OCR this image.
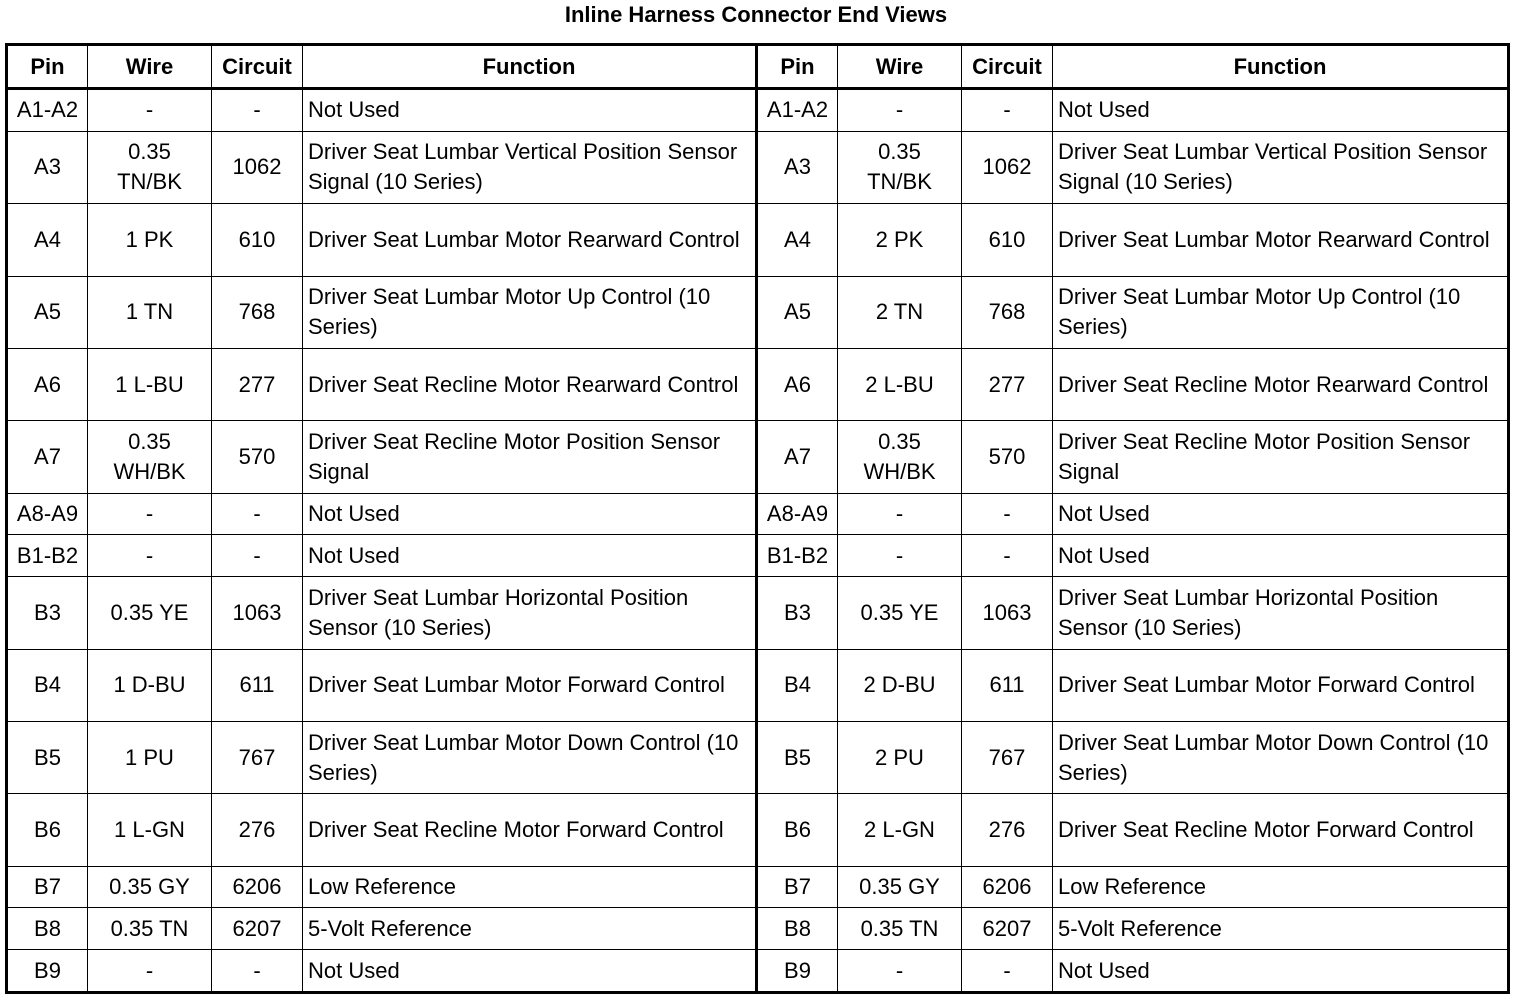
Inline Harness Connector End Views
Pin	Wire	Circuit	Function	Pin	Wire	Circuit	Function
A1-A2	-	-	Not Used	A1-A2	-	-	Not Used
A3	0.35 TN/BK	1062	Driver Seat Lumbar Vertical Position Sensor Signal (10 Series)	A3	0.35 TN/BK	1062	Driver Seat Lumbar Vertical Position Sensor Signal (10 Series)
A4	1 PK	610	Driver Seat Lumbar Motor Rearward Control	A4	2 PK	610	Driver Seat Lumbar Motor Rearward Control
A5	1 TN	768	Driver Seat Lumbar Motor Up Control (10 Series)	A5	2 TN	768	Driver Seat Lumbar Motor Up Control (10 Series)
A6	1 L-BU	277	Driver Seat Recline Motor Rearward Control	A6	2 L-BU	277	Driver Seat Recline Motor Rearward Control
A7	0.35 WH/BK	570	Driver Seat Recline Motor Position Sensor Signal	A7	0.35 WH/BK	570	Driver Seat Recline Motor Position Sensor Signal
A8-A9	-	-	Not Used	A8-A9	-	-	Not Used
B1-B2	-	-	Not Used	B1-B2	-	-	Not Used
B3	0.35 YE	1063	Driver Seat Lumbar Horizontal Position Sensor (10 Series)	B3	0.35 YE	1063	Driver Seat Lumbar Horizontal Position Sensor (10 Series)
B4	1 D-BU	611	Driver Seat Lumbar Motor Forward Control	B4	2 D-BU	611	Driver Seat Lumbar Motor Forward Control
B5	1 PU	767	Driver Seat Lumbar Motor Down Control (10 Series)	B5	2 PU	767	Driver Seat Lumbar Motor Down Control (10 Series)
B6	1 L-GN	276	Driver Seat Recline Motor Forward Control	B6	2 L-GN	276	Driver Seat Recline Motor Forward Control
B7	0.35 GY	6206	Low Reference	B7	0.35 GY	6206	Low Reference
B8	0.35 TN	6207	5-Volt Reference	B8	0.35 TN	6207	5-Volt Reference
B9	-	-	Not Used	B9	-	-	Not Used
